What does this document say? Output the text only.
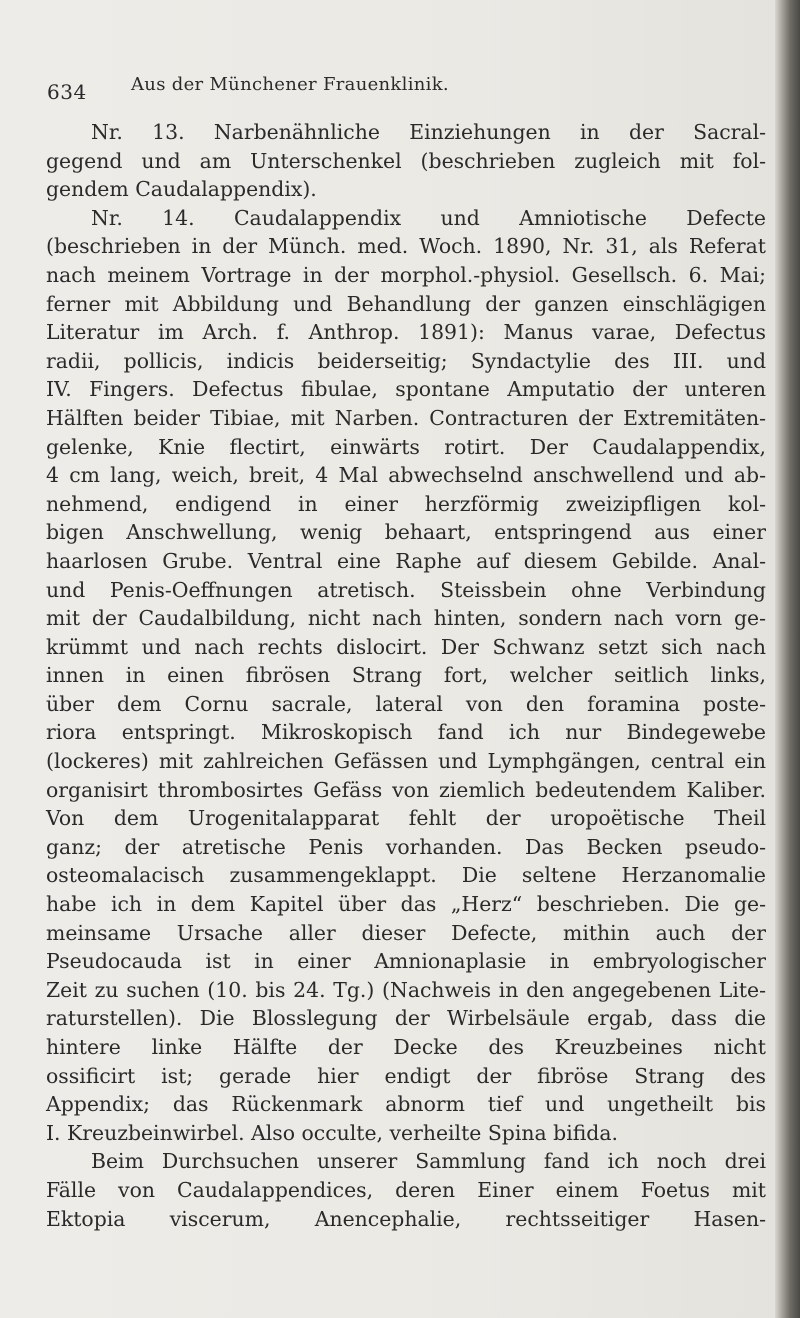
634 Aus der Münchener Frauenklinik.
Nr. 13. Narbenähnliche Einziehungen in der Sacral-
gegend und am Unterschenkel (beschrieben zugleich mit fol-
gendem Caudalappendix).
Nr. 14. Caudalappendix und Amniotische Defecte
(beschrieben in der Münch. med. Woch. 1890, Nr. 31, als Referat
nach meinem Vortrage in der morphol.-physiol. Gesellsch. 6. Mai;
ferner mit Abbildung und Behandlung der ganzen einschlägigen
Literatur im Arch. f. Anthrop. 1891): Manus varae, Defectus
radii, pollicis, indicis beiderseitig; Syndactylie des III. und
IV. Fingers. Defectus fibulae, spontane Amputatio der unteren
Hälften beider Tibiae, mit Narben. Contracturen der Extremitäten-
gelenke, Knie flectirt, einwärts rotirt. Der Caudalappendix,
4 cm lang, weich, breit, 4 Mal abwechselnd anschwellend und ab-
nehmend, endigend in einer herzförmig zweizipfligen kol-
bigen Anschwellung, wenig behaart, entspringend aus einer
haarlosen Grube. Ventral eine Raphe auf diesem Gebilde. Anal-
und Penis-Oeffnungen atretisch. Steissbein ohne Verbindung
mit der Caudalbildung, nicht nach hinten, sondern nach vorn ge-
krümmt und nach rechts dislocirt. Der Schwanz setzt sich nach
innen in einen fibrösen Strang fort, welcher seitlich links,
über dem Cornu sacrale, lateral von den foramina poste-
riora entspringt. Mikroskopisch fand ich nur Bindegewebe
(lockeres) mit zahlreichen Gefässen und Lymphgängen, central ein
organisirt thrombosirtes Gefäss von ziemlich bedeutendem Kaliber.
Von dem Urogenitalapparat fehlt der uropoëtische Theil
ganz; der atretische Penis vorhanden. Das Becken pseudo-
osteomalacisch zusammengeklappt. Die seltene Herzanomalie
habe ich in dem Kapitel über das „Herz“ beschrieben. Die ge-
meinsame Ursache aller dieser Defecte, mithin auch der
Pseudocauda ist in einer Amnionaplasie in embryologischer
Zeit zu suchen (10. bis 24. Tg.) (Nachweis in den angegebenen Lite-
raturstellen). Die Blosslegung der Wirbelsäule ergab, dass die
hintere linke Hälfte der Decke des Kreuzbeines nicht
ossificirt ist; gerade hier endigt der fibröse Strang des
Appendix; das Rückenmark abnorm tief und ungetheilt bis
I. Kreuzbeinwirbel. Also occulte, verheilte Spina bifida.
Beim Durchsuchen unserer Sammlung fand ich noch drei
Fälle von Caudalappendices, deren Einer einem Foetus mit
Ektopia viscerum, Anencephalie, rechtsseitiger Hasen-
